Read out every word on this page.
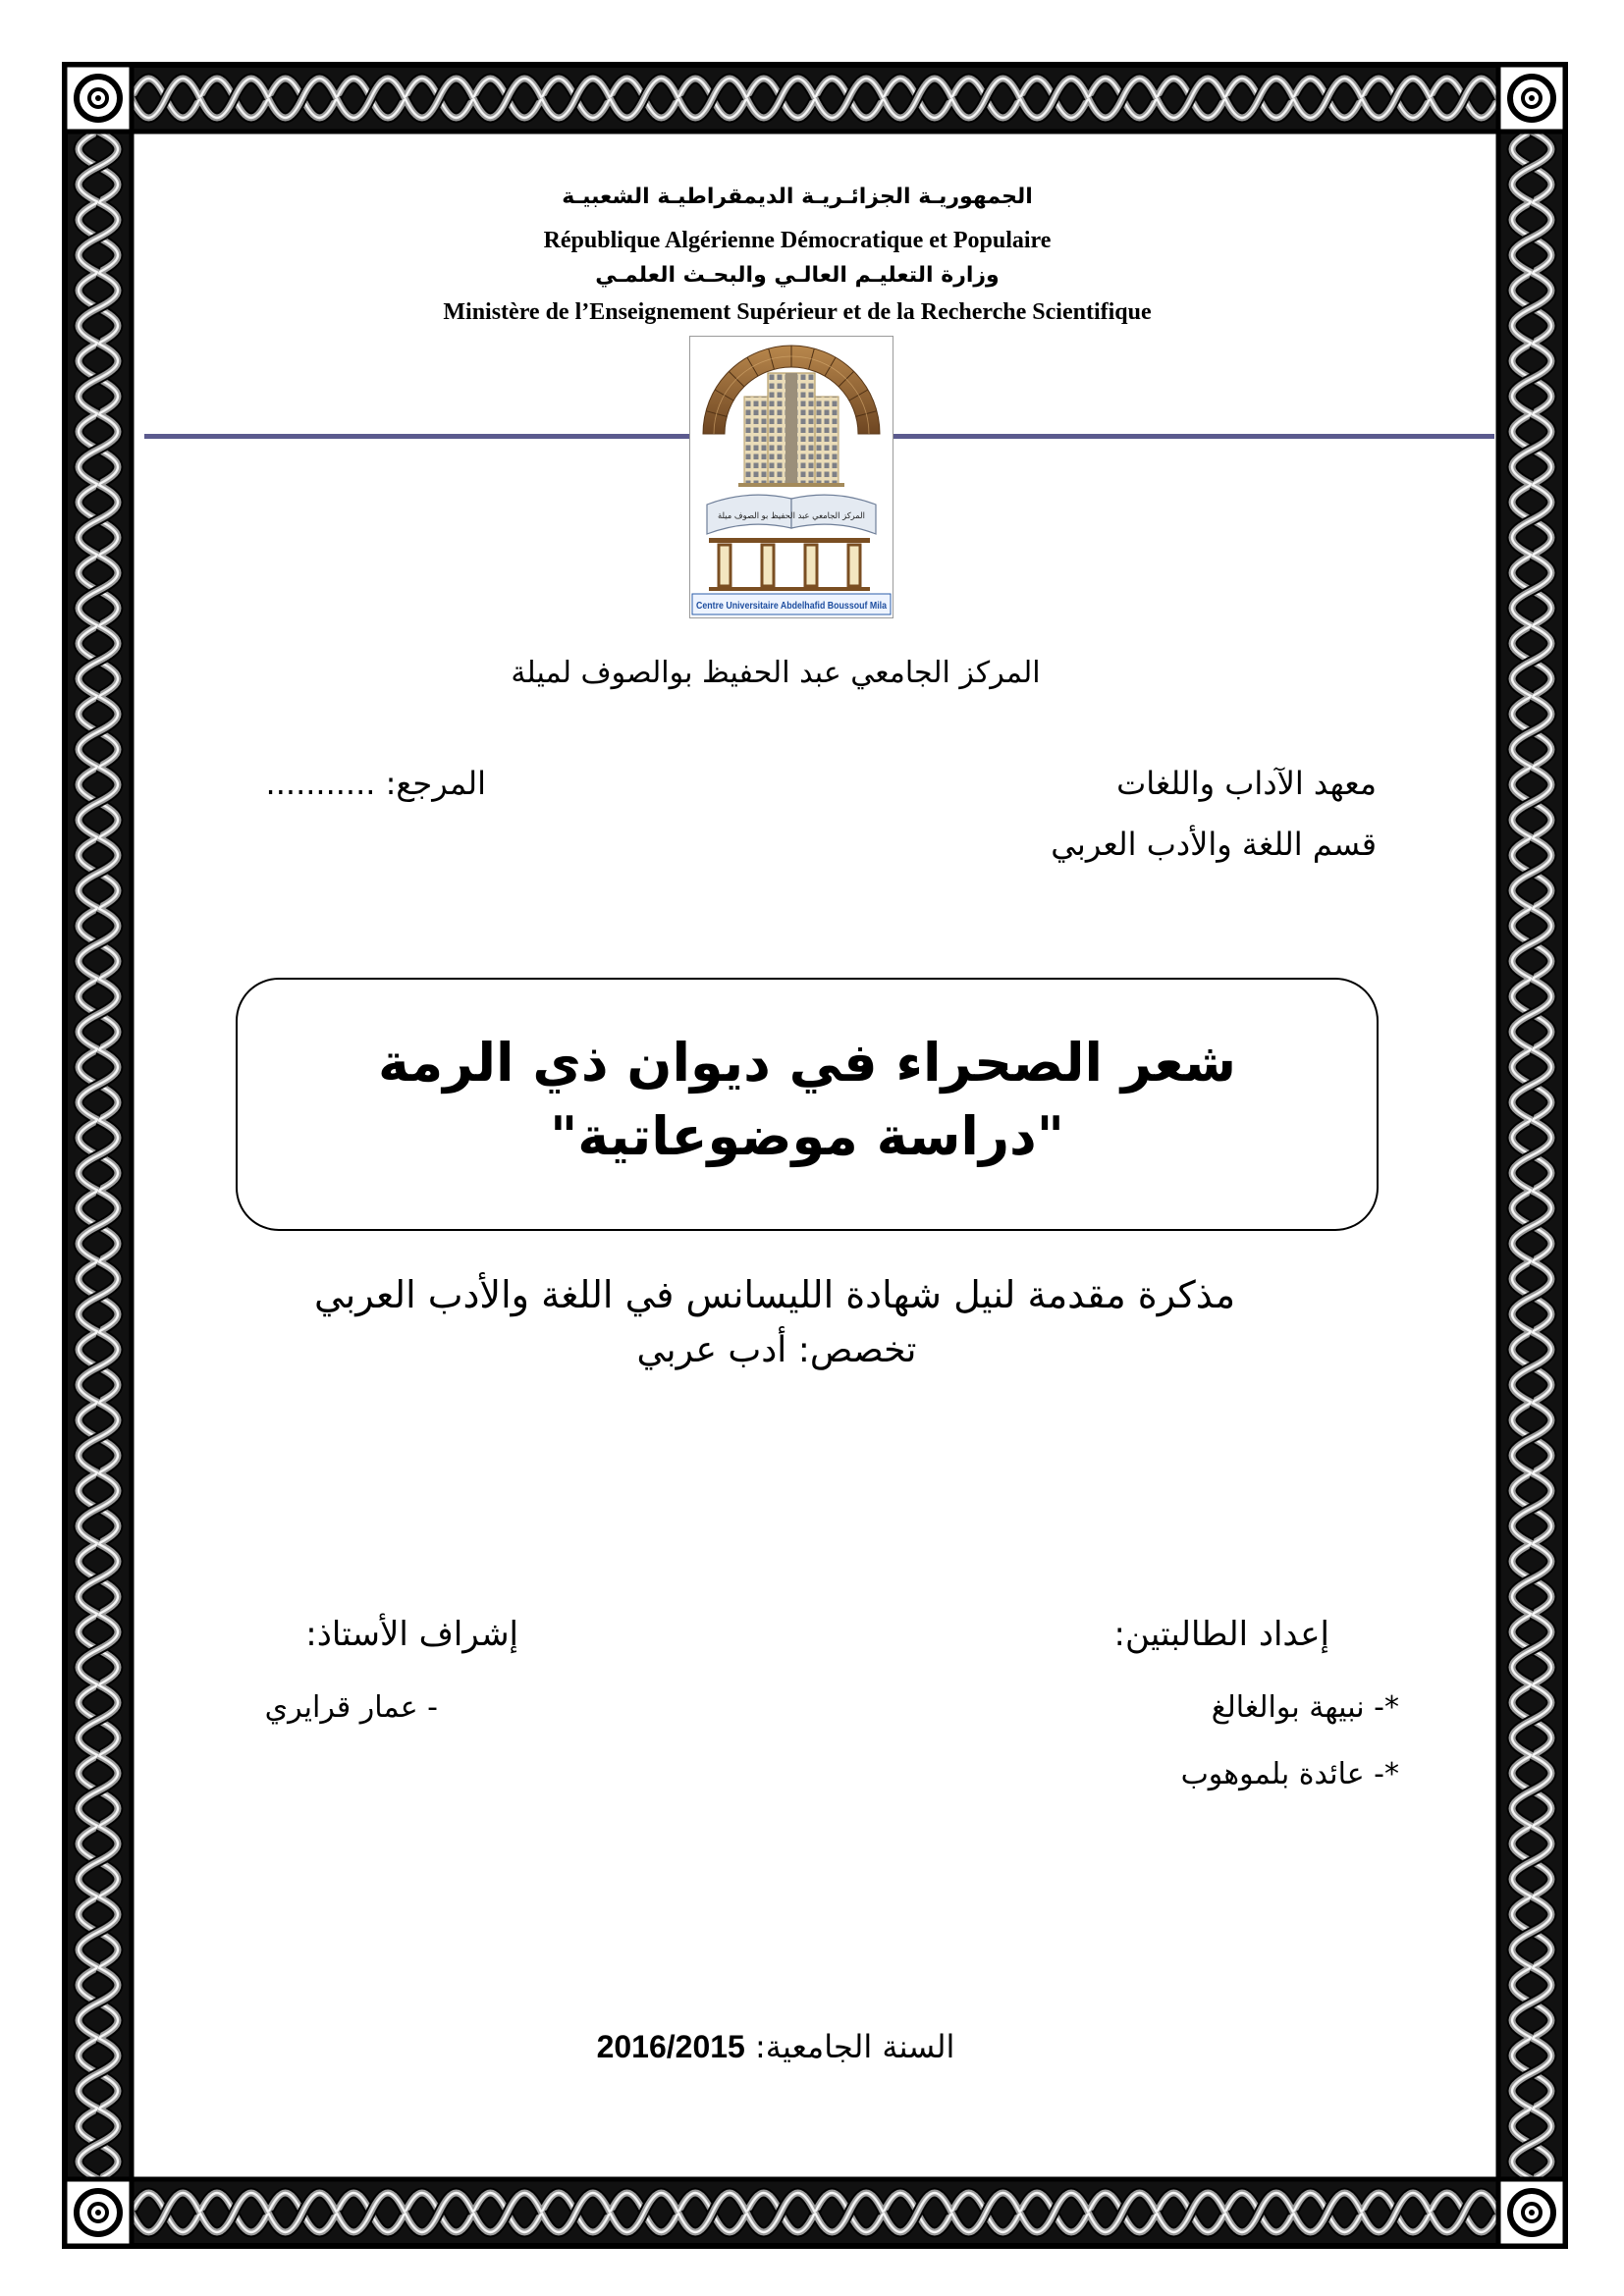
الجمهوريـة الجزائـريـة الديمقراطيـة الشعبيـة
République Algérienne Démocratique et Populaire
وزارة التعليـم العالـي والبحـث العلمـي
Ministère de l’Enseignement Supérieur et de la Recherche Scientifique
المركز الجامعي عبد الحفيظ بو الصوف ميلة
Centre Universitaire Abdelhafid Boussouf Mila
المركز الجامعي عبد الحفيظ بوالصوف لميلة
معهد الآداب واللغات
المرجع: ...........
قسم اللغة والأدب العربي
شعر الصحراء في ديوان ذي الرمة
"دراسة موضوعاتية"
مذكرة مقدمة لنيل شهادة الليسانس في اللغة والأدب العربي
تخصص: أدب عربي
إعداد الطالبتين:
إشراف الأستاذ:
*- نبيهة بوالغالغ
- عمار قرايري
*- عائدة بلموهوب
السنة الجامعية: 2016/2015
